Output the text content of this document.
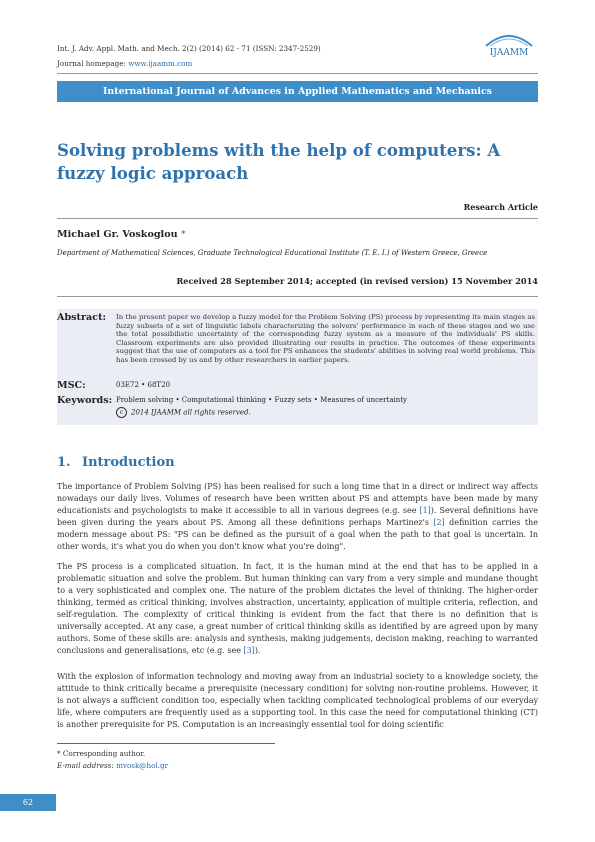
Int. J. Adv. Appl. Math. and Mech. 2(2) (2014) 62 - 71 (ISSN: 2347-2529)
Journal homepage: www.ijaamm.com
IJAAMM
International Journal of Advances in Applied Mathematics and Mechanics
Solving problems with the help of computers: A fuzzy logic approach
Research Article
Michael Gr. Voskoglou *
Department of Mathematical Sciences, Graduate Technological Educational Institute (T. E. I.) of Western Greece, Greece
Received 28 September 2014; accepted (in revised version) 15 November 2014
Abstract: In the present paper we develop a fuzzy model for the Problem Solving (PS) process by representing its main stages as fuzzy subsets of a set of linguistic labels characterizing the solvers' performance in each of these stages and we use the total possibilistic uncertainty of the corresponding fuzzy system as a measure of the individuals' PS skills. Classroom experiments are also provided illustrating our results in practice. The outcomes of these experiments suggest that the use of computers as a tool for PS enhances the students' abilities in solving real world problems. This has been crossed by us and by other researchers in earlier papers.
MSC:	03E72 • 68T20
Keywords: Problem solving • Computational thinking • Fuzzy sets • Measures of uncertainty
c 2014 IJAAMM all rights reserved.
1. Introduction
The importance of Problem Solving (PS) has been realised for such a long time that in a direct or indirect way affects nowadays our daily lives. Volumes of research have been written about PS and attempts have been made by many educationists and psychologists to make it accessible to all in various degrees (e.g. see [1]). Several definitions have been given during the years about PS. Among all these definitions perhaps Martinez's [2] definition carries the modern message about PS: "PS can be defined as the pursuit of a goal when the path to that goal is uncertain. In other words, it's what you do when you don't know what you're doing".
The PS process is a complicated situation. In fact, it is the human mind at the end that has to be applied in a problematic situation and solve the problem. But human thinking can vary from a very simple and mundane thought to a very sophisticated and complex one. The nature of the problem dictates the level of thinking. The higher-order thinking, termed as critical thinking, involves abstraction, uncertainty, application of multiple criteria, reflection, and self-regulation. The complexity of critical thinking is evident from the fact that there is no definition that is universally accepted. At any case, a great number of critical thinking skills as identified by are agreed upon by many authors. Some of these skills are: analysis and synthesis, making judgements, decision making, reaching to warranted conclusions and generalisations, etc (e.g. see [3]).
With the explosion of information technology and moving away from an industrial society to a knowledge society, the attitude to think critically became a prerequisite (necessary condition) for solving non-routine problems. However, it is not always a sufficient condition too, especially when tackling complicated technological problems of our everyday life, where computers are frequently used as a supporting tool. In this case the need for computational thinking (CT) is another prerequisite for PS. Computation is an increasingly essential tool for doing scientific
* Corresponding author.
E-mail address: mvosk@hol.gr
62
